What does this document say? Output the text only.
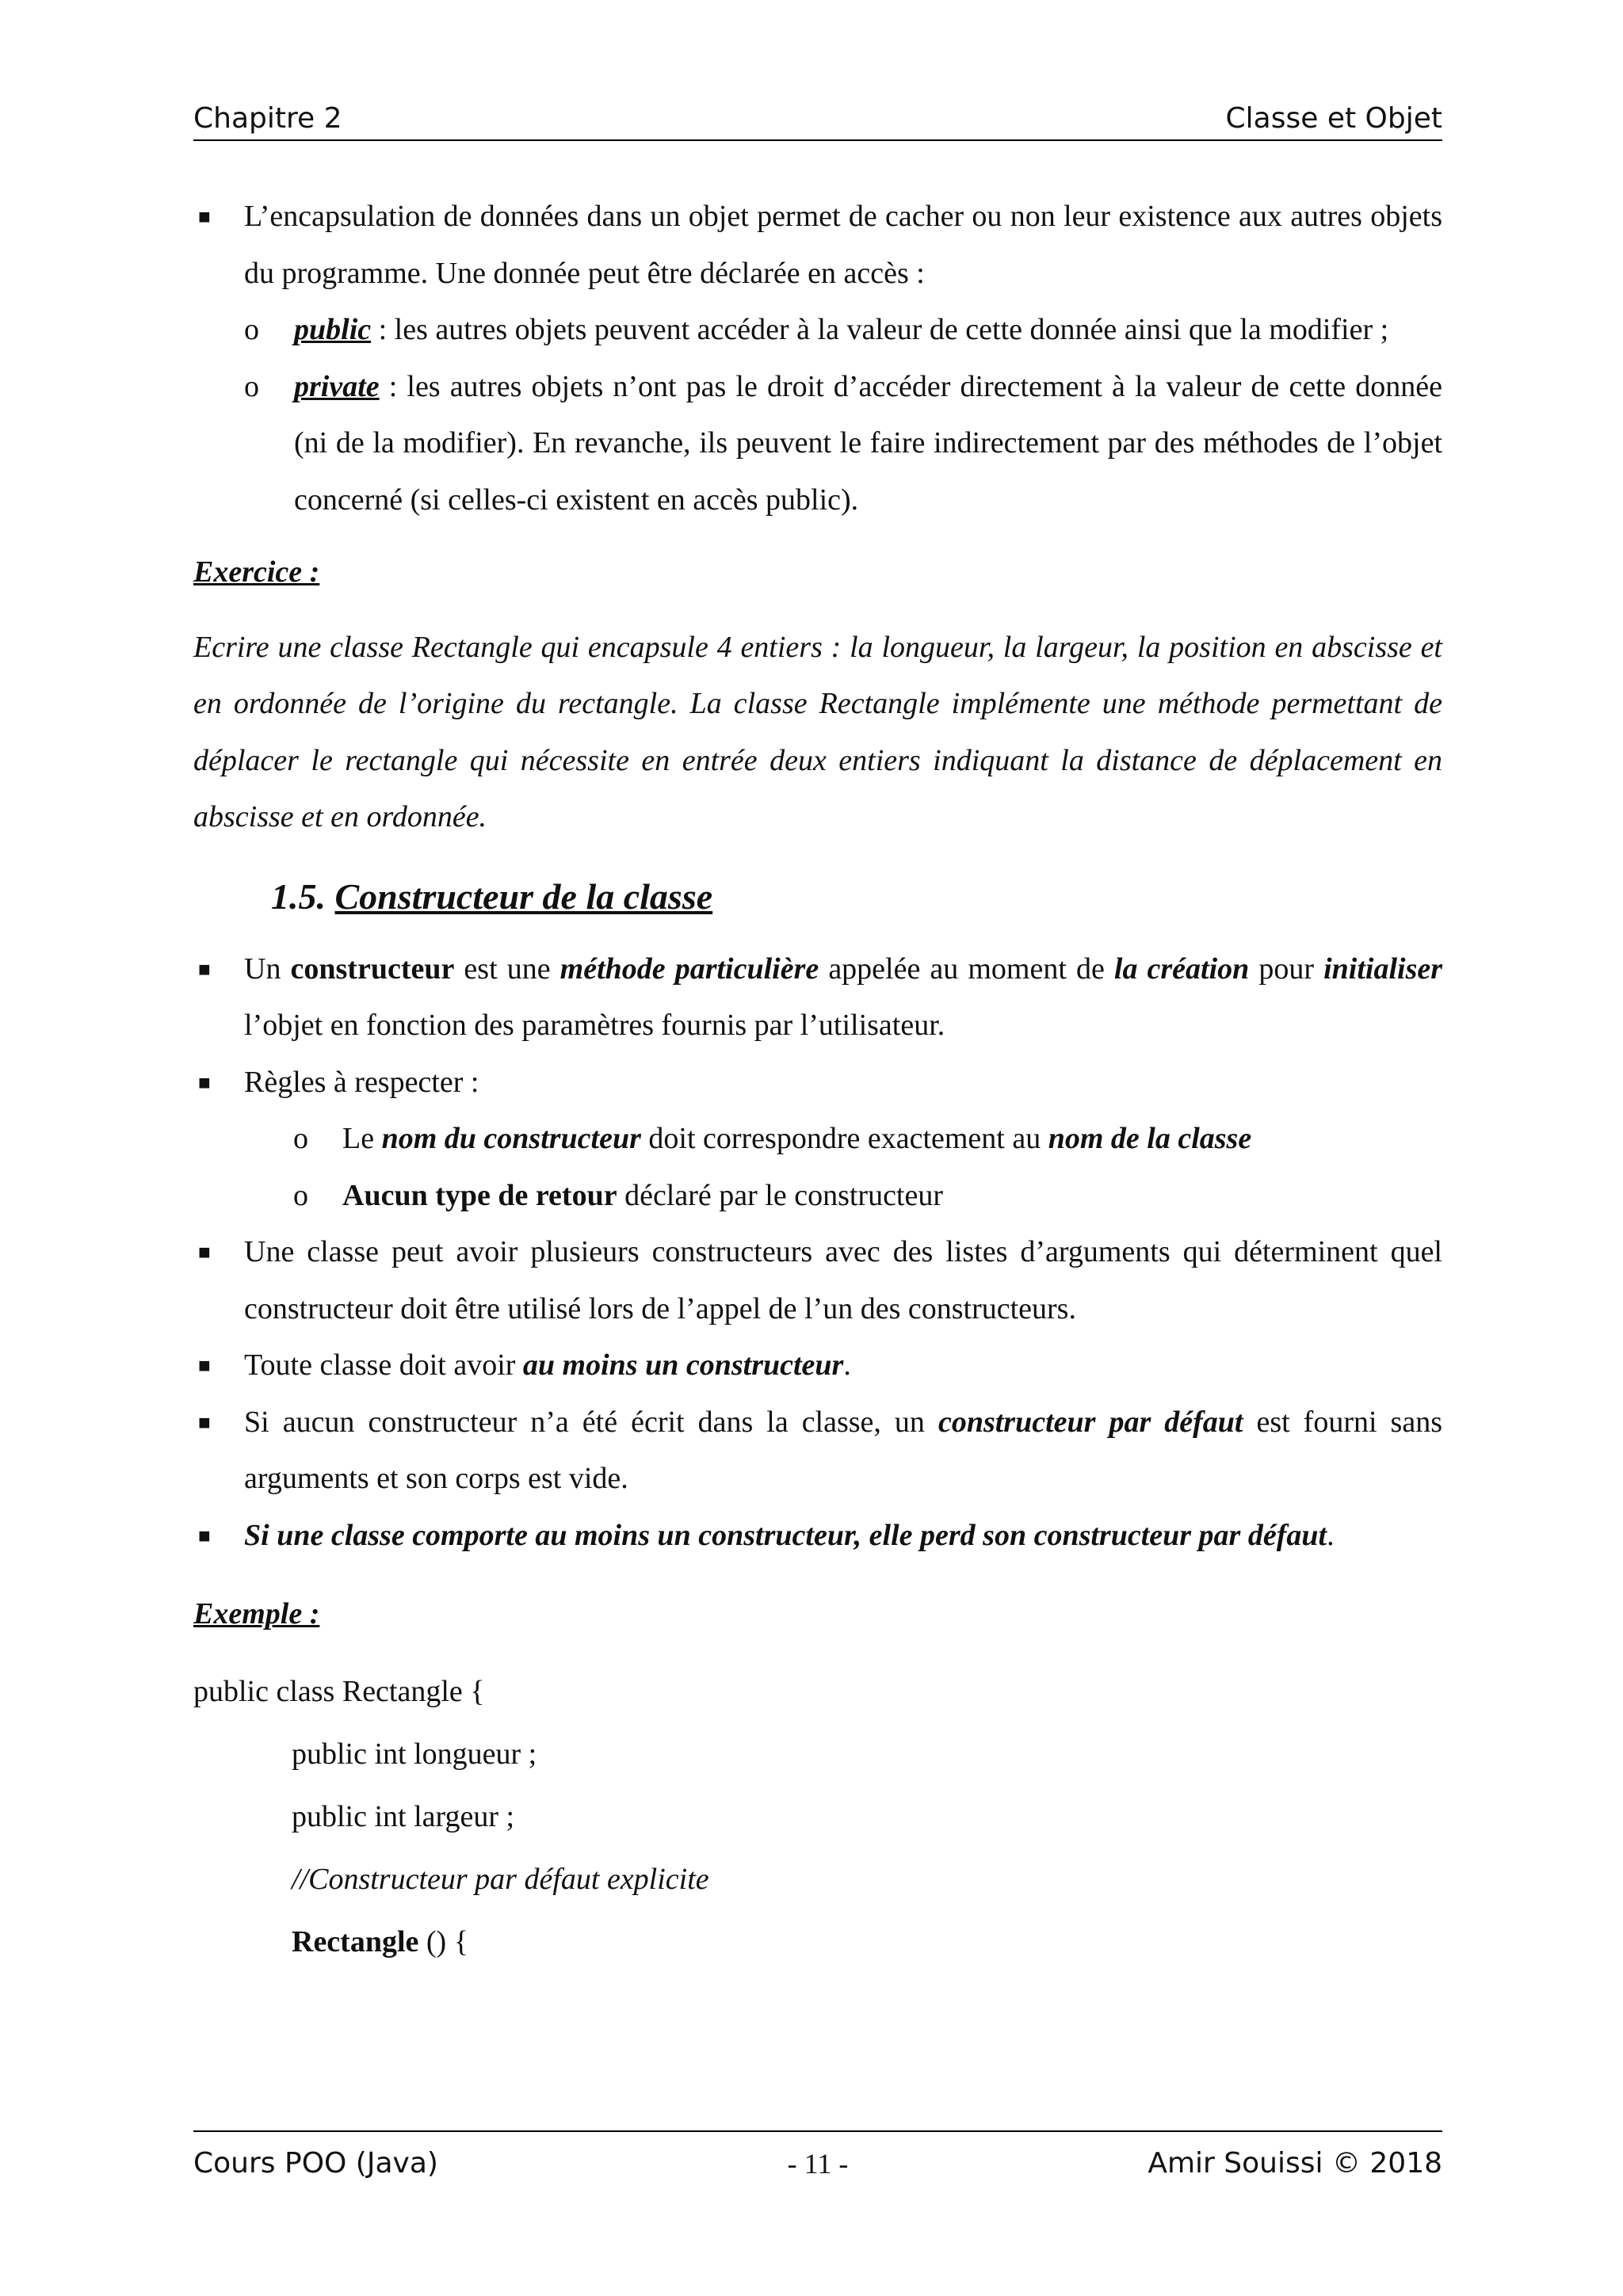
Chapitre 2	Classe et Objet
■ L’encapsulation de données dans un objet permet de cacher ou non leur existence aux autres objets du programme. Une donnée peut être déclarée en accès :
o public : les autres objets peuvent accéder à la valeur de cette donnée ainsi que la modifier ;
o private : les autres objets n’ont pas le droit d’accéder directement à la valeur de cette donnée (ni de la modifier). En revanche, ils peuvent le faire indirectement par des méthodes de l’objet concerné (si celles-ci existent en accès public).
Exercice :
Ecrire une classe Rectangle qui encapsule 4 entiers : la longueur, la largeur, la position en abscisse et en ordonnée de l’origine du rectangle. La classe Rectangle implémente une méthode permettant de déplacer le rectangle qui nécessite en entrée deux entiers indiquant la distance de déplacement en abscisse et en ordonnée.
1.5. Constructeur de la classe
■ Un constructeur est une méthode particulière appelée au moment de la création pour initialiser l’objet en fonction des paramètres fournis par l’utilisateur.
■ Règles à respecter :
o Le nom du constructeur doit correspondre exactement au nom de la classe
o Aucun type de retour déclaré par le constructeur
■ Une classe peut avoir plusieurs constructeurs avec des listes d’arguments qui déterminent quel constructeur doit être utilisé lors de l’appel de l’un des constructeurs.
■ Toute classe doit avoir au moins un constructeur.
■ Si aucun constructeur n’a été écrit dans la classe, un constructeur par défaut est fourni sans arguments et son corps est vide.
■ Si une classe comporte au moins un constructeur, elle perd son constructeur par défaut.
Exemple :
public class Rectangle {
public int longueur ;
public int largeur ;
//Constructeur par défaut explicite
Rectangle () {
Cours POO (Java)	- 11 -	Amir Souissi © 2018
